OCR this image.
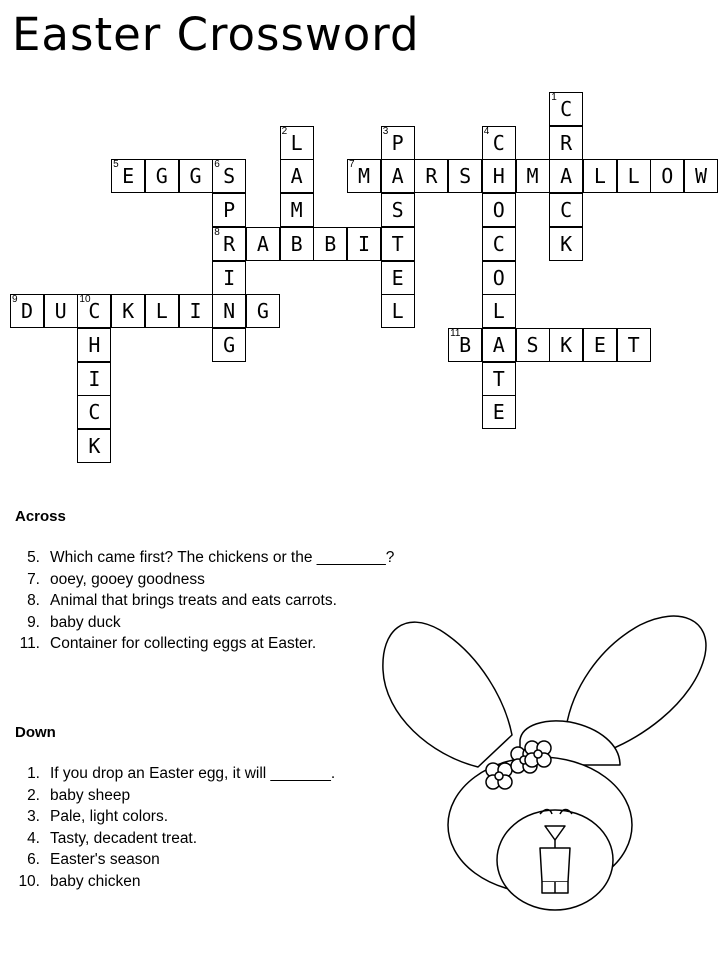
Easter Crossword
1 C
R
A
C
K
2 L
A
M
B
3 P
A
S
T
E
L
4 C
H
O
C
O
L
A
T
E
5 E G G 6 S
P
8 R
I
N
G
7 M	R S	M	L L O W
A	B I
9 D U 10
C K L I	G
H
I
C
K
11
B	S K E T
Across
5. Which came first? The chickens or the ________?
7. ooey, gooey goodness
8. Animal that brings treats and eats carrots.
9. baby duck
11. Container for collecting eggs at Easter.
Down
1. If you drop an Easter egg, it will _______.
2. baby sheep
3. Pale, light colors.
4. Tasty, decadent treat.
6. Easter's season
10. baby chicken
